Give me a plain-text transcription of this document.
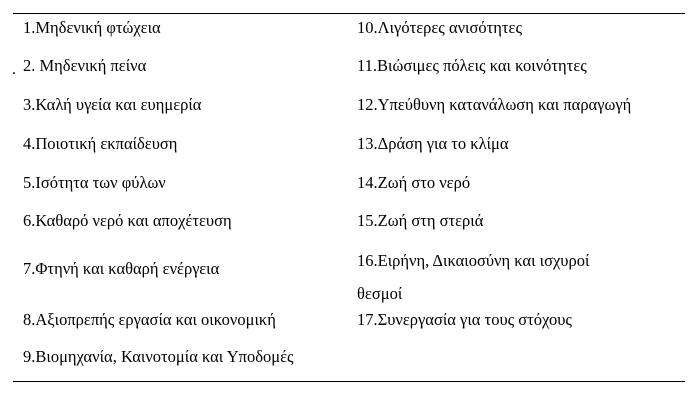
.
1.Μηδενική φτώχεια
2. Μηδενική πείνα
3.Καλή υγεία και ευημερία
4.Ποιοτική εκπαίδευση
5.Ισότητα των φύλων
6.Καθαρό νερό και αποχέτευση
7.Φτηνή και καθαρή ενέργεια
8.Αξιοπρεπής εργασία και οικονομική
9.Βιομηχανία, Καινοτομία και Υποδομές
10.Λιγότερες ανισότητες
11.Βιώσιμες πόλεις και κοινότητες
12.Υπεύθυνη κατανάλωση και παραγωγή
13.Δράση για το κλίμα
14.Ζωή στο νερό
15.Ζωή στη στεριά
16.Ειρήνη, Δικαιοσύνη και ισχυροί
θεσμοί
17.Συνεργασία για τους στόχους
